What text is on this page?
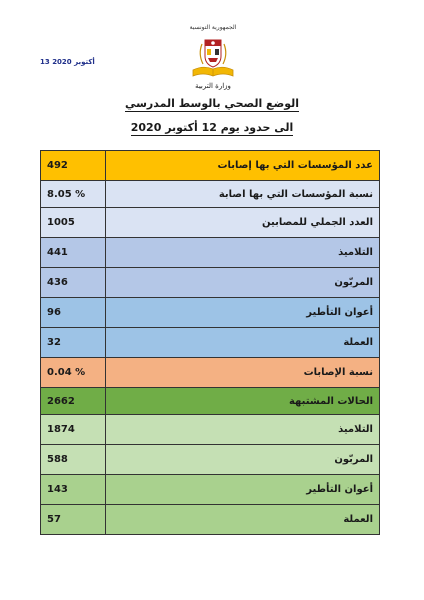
13 أكتوبر 2020
الجمهورية التونسية
وزارة التربية
الوضع الصحي بالوسط المدرسي
الى حدود يوم 12 أكتوبر 2020
492	عدد المؤسسات التي بها إصابات
8.05 %	نسبة المؤسسات التي بها اصابة
1005	العدد الجملي للمصابين
441	التلاميذ
436	المربّون
96	أعوان التأطير
32	العملة
0.04 %	نسبة الإصابات
2662	الحالات المشتبهة
1874	التلاميذ
588	المربّون
143	أعوان التأطير
57	العملة
